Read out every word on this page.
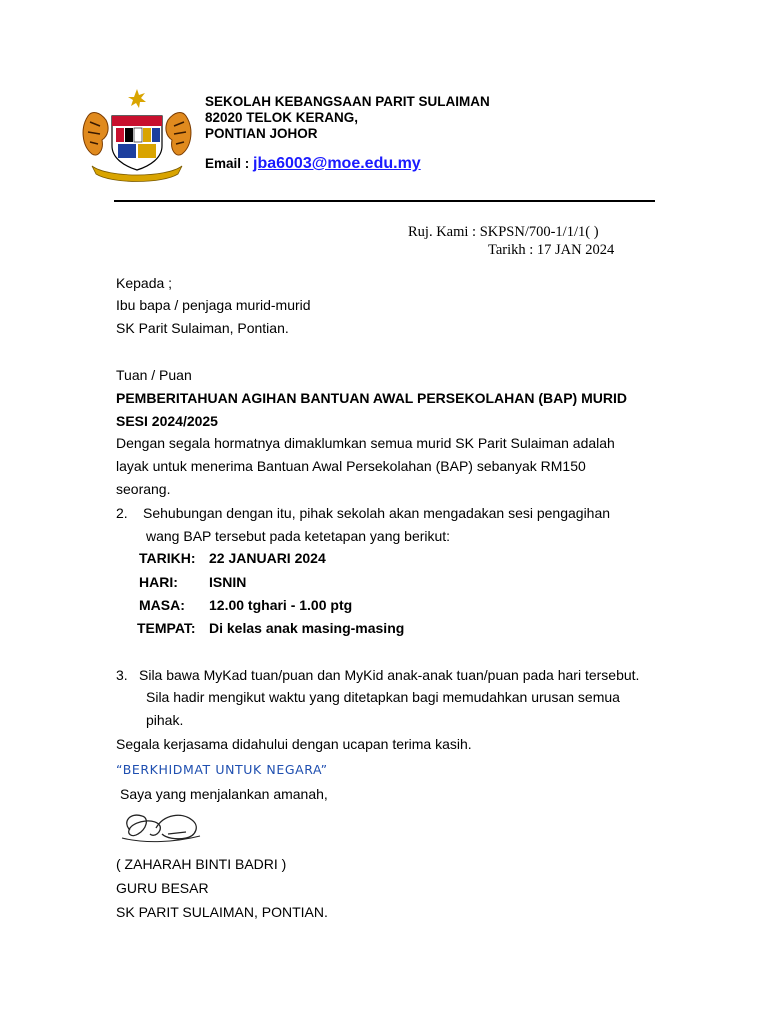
SEKOLAH KEBANGSAAN PARIT SULAIMAN
82020 TELOK KERANG,
PONTIAN JOHOR
Email : jba6003@moe.edu.my
Ruj. Kami : SKPSN/700-1/1/1( )
Tarikh : 17 JAN 2024
Kepada ;
Ibu bapa / penjaga murid-murid
SK Parit Sulaiman, Pontian.
Tuan / Puan
PEMBERITAHUAN AGIHAN BANTUAN AWAL PERSEKOLAHAN (BAP) MURID
SESI 2024/2025
Dengan segala hormatnya dimaklumkan semua murid SK Parit Sulaiman adalah
layak untuk menerima Bantuan Awal Persekolahan (BAP) sebanyak RM150
seorang.
2. Sehubungan dengan itu, pihak sekolah akan mengadakan sesi pengagihan
wang BAP tersebut pada ketetapan yang berikut:
TARIKH: 22 JANUARI 2024
HARI: ISNIN
MASA: 12.00 tghari - 1.00 ptg
TEMPAT: Di kelas anak masing-masing
3. Sila bawa MyKad tuan/puan dan MyKid anak-anak tuan/puan pada hari tersebut.
Sila hadir mengikut waktu yang ditetapkan bagi memudahkan urusan semua
pihak.
Segala kerjasama didahului dengan ucapan terima kasih.
“BERKHIDMAT UNTUK NEGARA”
Saya yang menjalankan amanah,
( ZAHARAH BINTI BADRI )
GURU BESAR
SK PARIT SULAIMAN, PONTIAN.
